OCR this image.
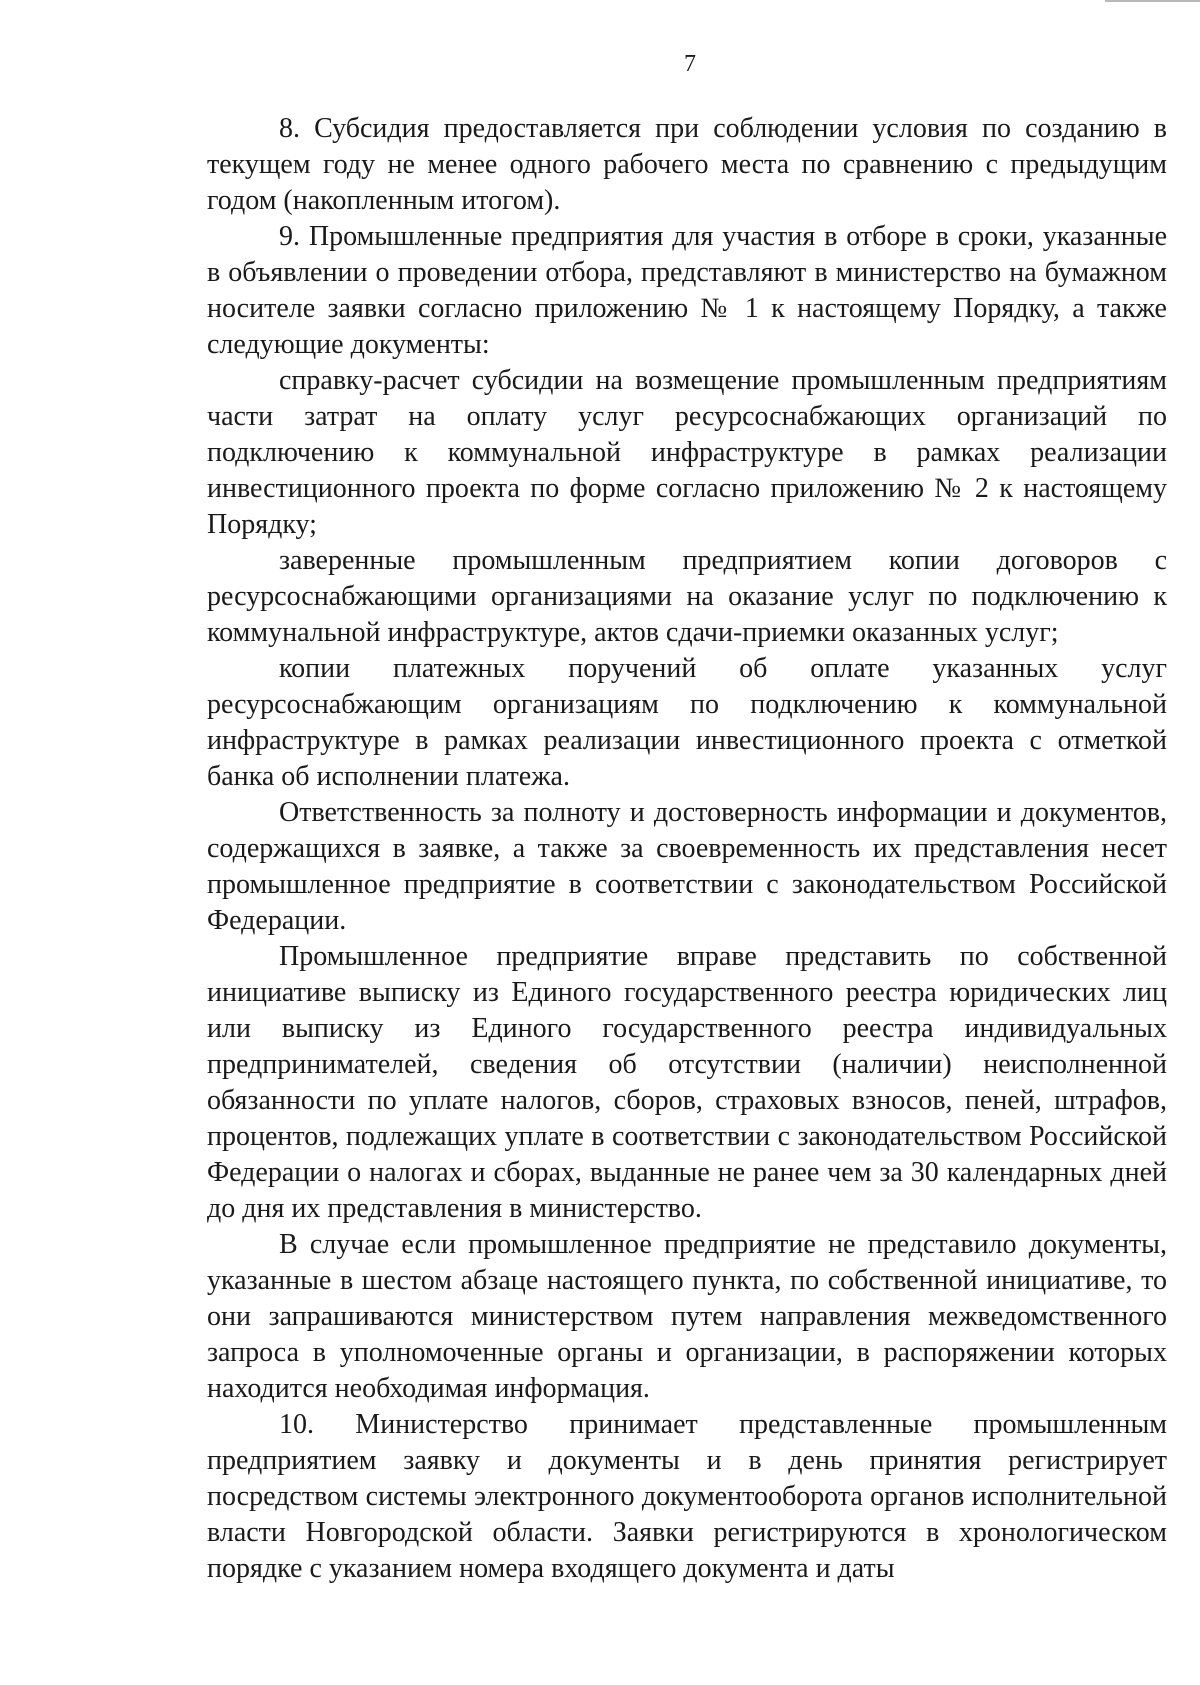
7

8. Субсидия предоставляется при соблюдении условия по созданию в текущем году не менее одного рабочего места по сравнению с предыдущим годом (накопленным итогом).

9. Промышленные предприятия для участия в отборе в сроки, указанные в объявлении о проведении отбора, представляют в министерство на бумажном носителе заявки согласно приложению № 1 к настоящему Порядку, а также следующие документы:

справку-расчет субсидии на возмещение промышленным предприятиям части затрат на оплату услуг ресурсоснабжающих организаций по подключению к коммунальной инфраструктуре в рамках реализации инвестиционного проекта по форме согласно приложению № 2 к настоящему Порядку;

заверенные промышленным предприятием копии договоров с ресурсоснабжающими организациями на оказание услуг по подключению к коммунальной инфраструктуре, актов сдачи-приемки оказанных услуг;

копии платежных поручений об оплате указанных услуг ресурсоснабжающим организациям по подключению к коммунальной инфраструктуре в рамках реализации инвестиционного проекта с отметкой банка об исполнении платежа.

Ответственность за полноту и достоверность информации и документов, содержащихся в заявке, а также за своевременность их представления несет промышленное предприятие в соответствии с законодательством Российской Федерации.

Промышленное предприятие вправе представить по собственной инициативе выписку из Единого государственного реестра юридических лиц или выписку из Единого государственного реестра индивидуальных предпринимателей, сведения об отсутствии (наличии) неисполненной обязанности по уплате налогов, сборов, страховых взносов, пеней, штрафов, процентов, подлежащих уплате в соответствии с законодательством Российской Федерации о налогах и сборах, выданные не ранее чем за 30 календарных дней до дня их представления в министерство.

В случае если промышленное предприятие не представило документы, указанные в шестом абзаце настоящего пункта, по собственной инициативе, то они запрашиваются министерством путем направления межведомственного запроса в уполномоченные органы и организации, в распоряжении которых находится необходимая информация.

10. Министерство принимает представленные промышленным предприятием заявку и документы и в день принятия регистрирует посредством системы электронного документооборота органов исполнительной власти Новгородской области. Заявки регистрируются в хронологическом порядке с указанием номера входящего документа и даты
